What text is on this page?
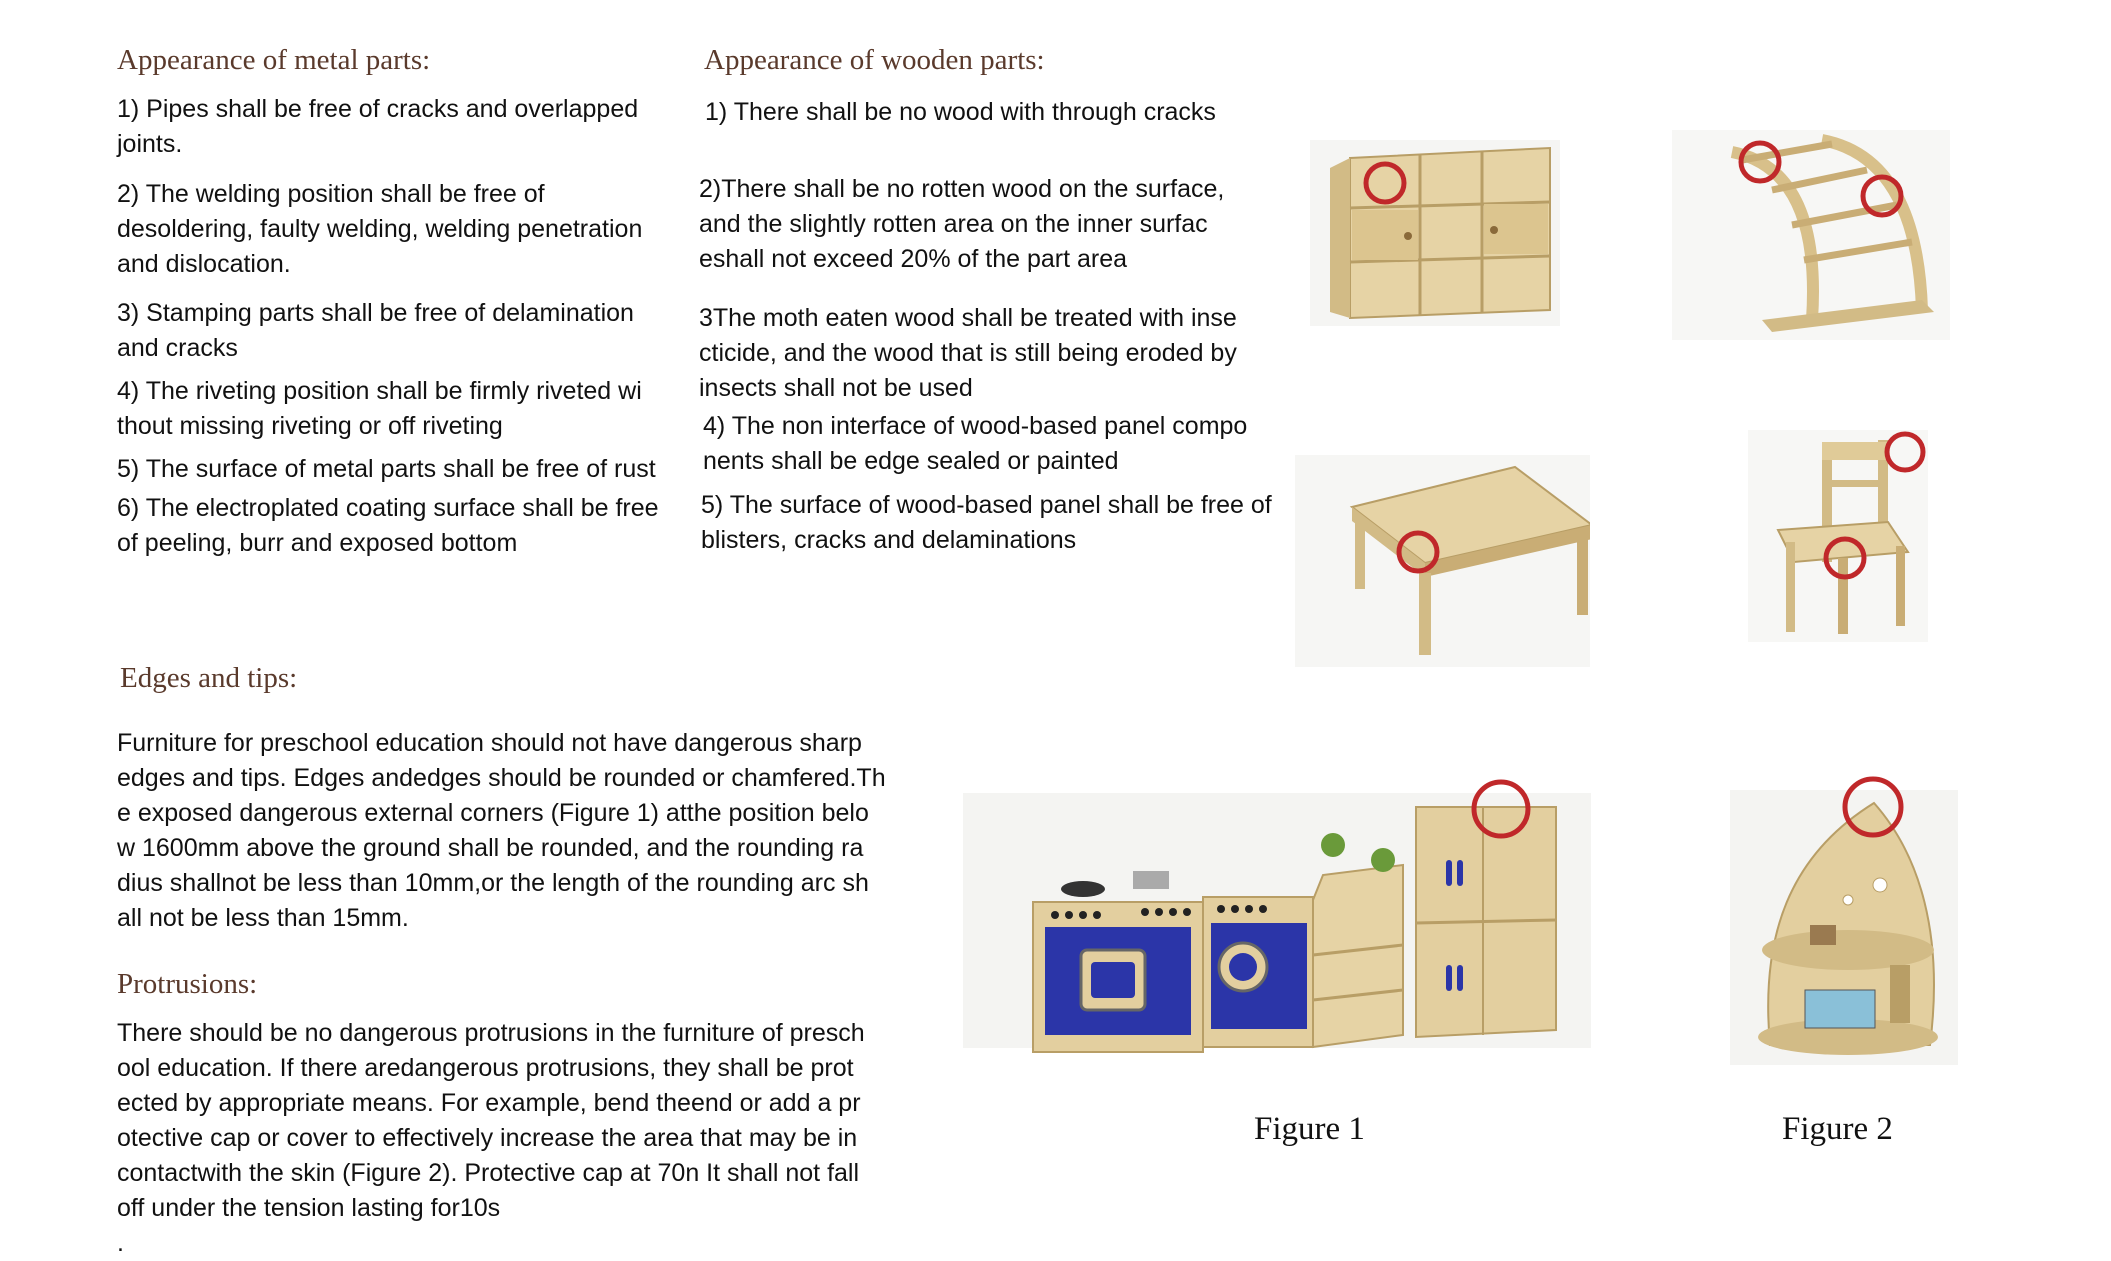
Appearance of metal parts:	Appearance of wooden parts:
Edges and tips:
Protrusions:

1) Pipes shall be free of cracks and overlapped
joints.

2) The welding position shall be free of
desoldering, faulty welding, welding penetration
and dislocation.

3) Stamping parts shall be free of delamination
and cracks

4) The riveting position shall be firmly riveted wi
thout missing riveting or off riveting

5) The surface of metal parts shall be free of rust

6) The electroplated coating surface shall be free
of peeling, burr and exposed bottom

1) There shall be no wood with through cracks

2)There shall be no rotten wood on the surface,
and the slightly rotten area on the inner surfac
eshall not exceed 20% of the part area

3The moth eaten wood shall be treated with inse
cticide, and the wood that is still being eroded by
insects shall not be used

4) The non interface of wood-based panel compo
nents shall be edge sealed or painted

5) The surface of wood-based panel shall be free of
blisters, cracks and delaminations

Furniture for preschool education should not have dangerous sharp
edges and tips. Edges andedges should be rounded or chamfered.Th
e exposed dangerous external corners (Figure 1) atthe position belo
w 1600mm above the ground shall be rounded, and the rounding ra
dius shallnot be less than 10mm,or the length of the rounding arc sh
all not be less than 15mm.

There should be no dangerous protrusions in the furniture of presch
ool education. If there aredangerous protrusions, they shall be prot
ected by appropriate means. For example, bend theend or add a pr
otective cap or cover to effectively increase the area that may be in
contactwith the skin (Figure 2). Protective cap at 70n It shall not fall
off under the tension lasting for10s
.

Figure 1	Figure 2
